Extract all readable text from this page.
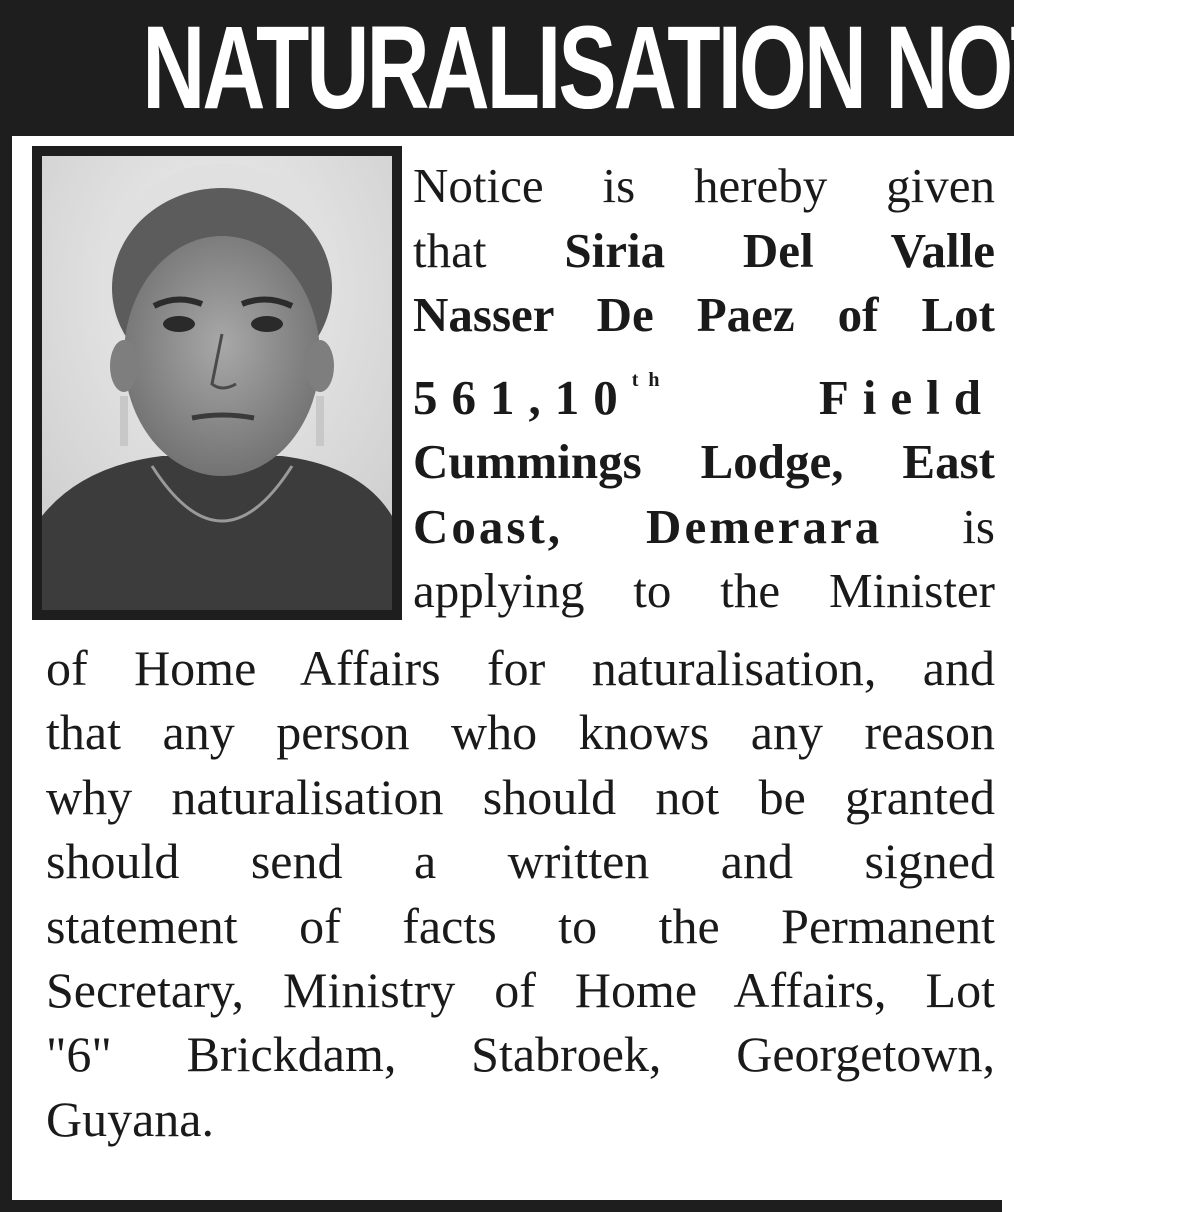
NATURALISATION NOTICE
Notice is hereby given
that Siria Del Valle
Nasser De Paez of Lot
561,10th	Field
Cummings Lodge, East
Coast, Demerara is
applying to the Minister
of Home Affairs for naturalisation, and
that any person who knows any reason
why naturalisation should not be granted
should send a written and signed
statement of facts to the Permanent
Secretary, Ministry of Home Affairs, Lot
"6" Brickdam, Stabroek, Georgetown,
Guyana.
